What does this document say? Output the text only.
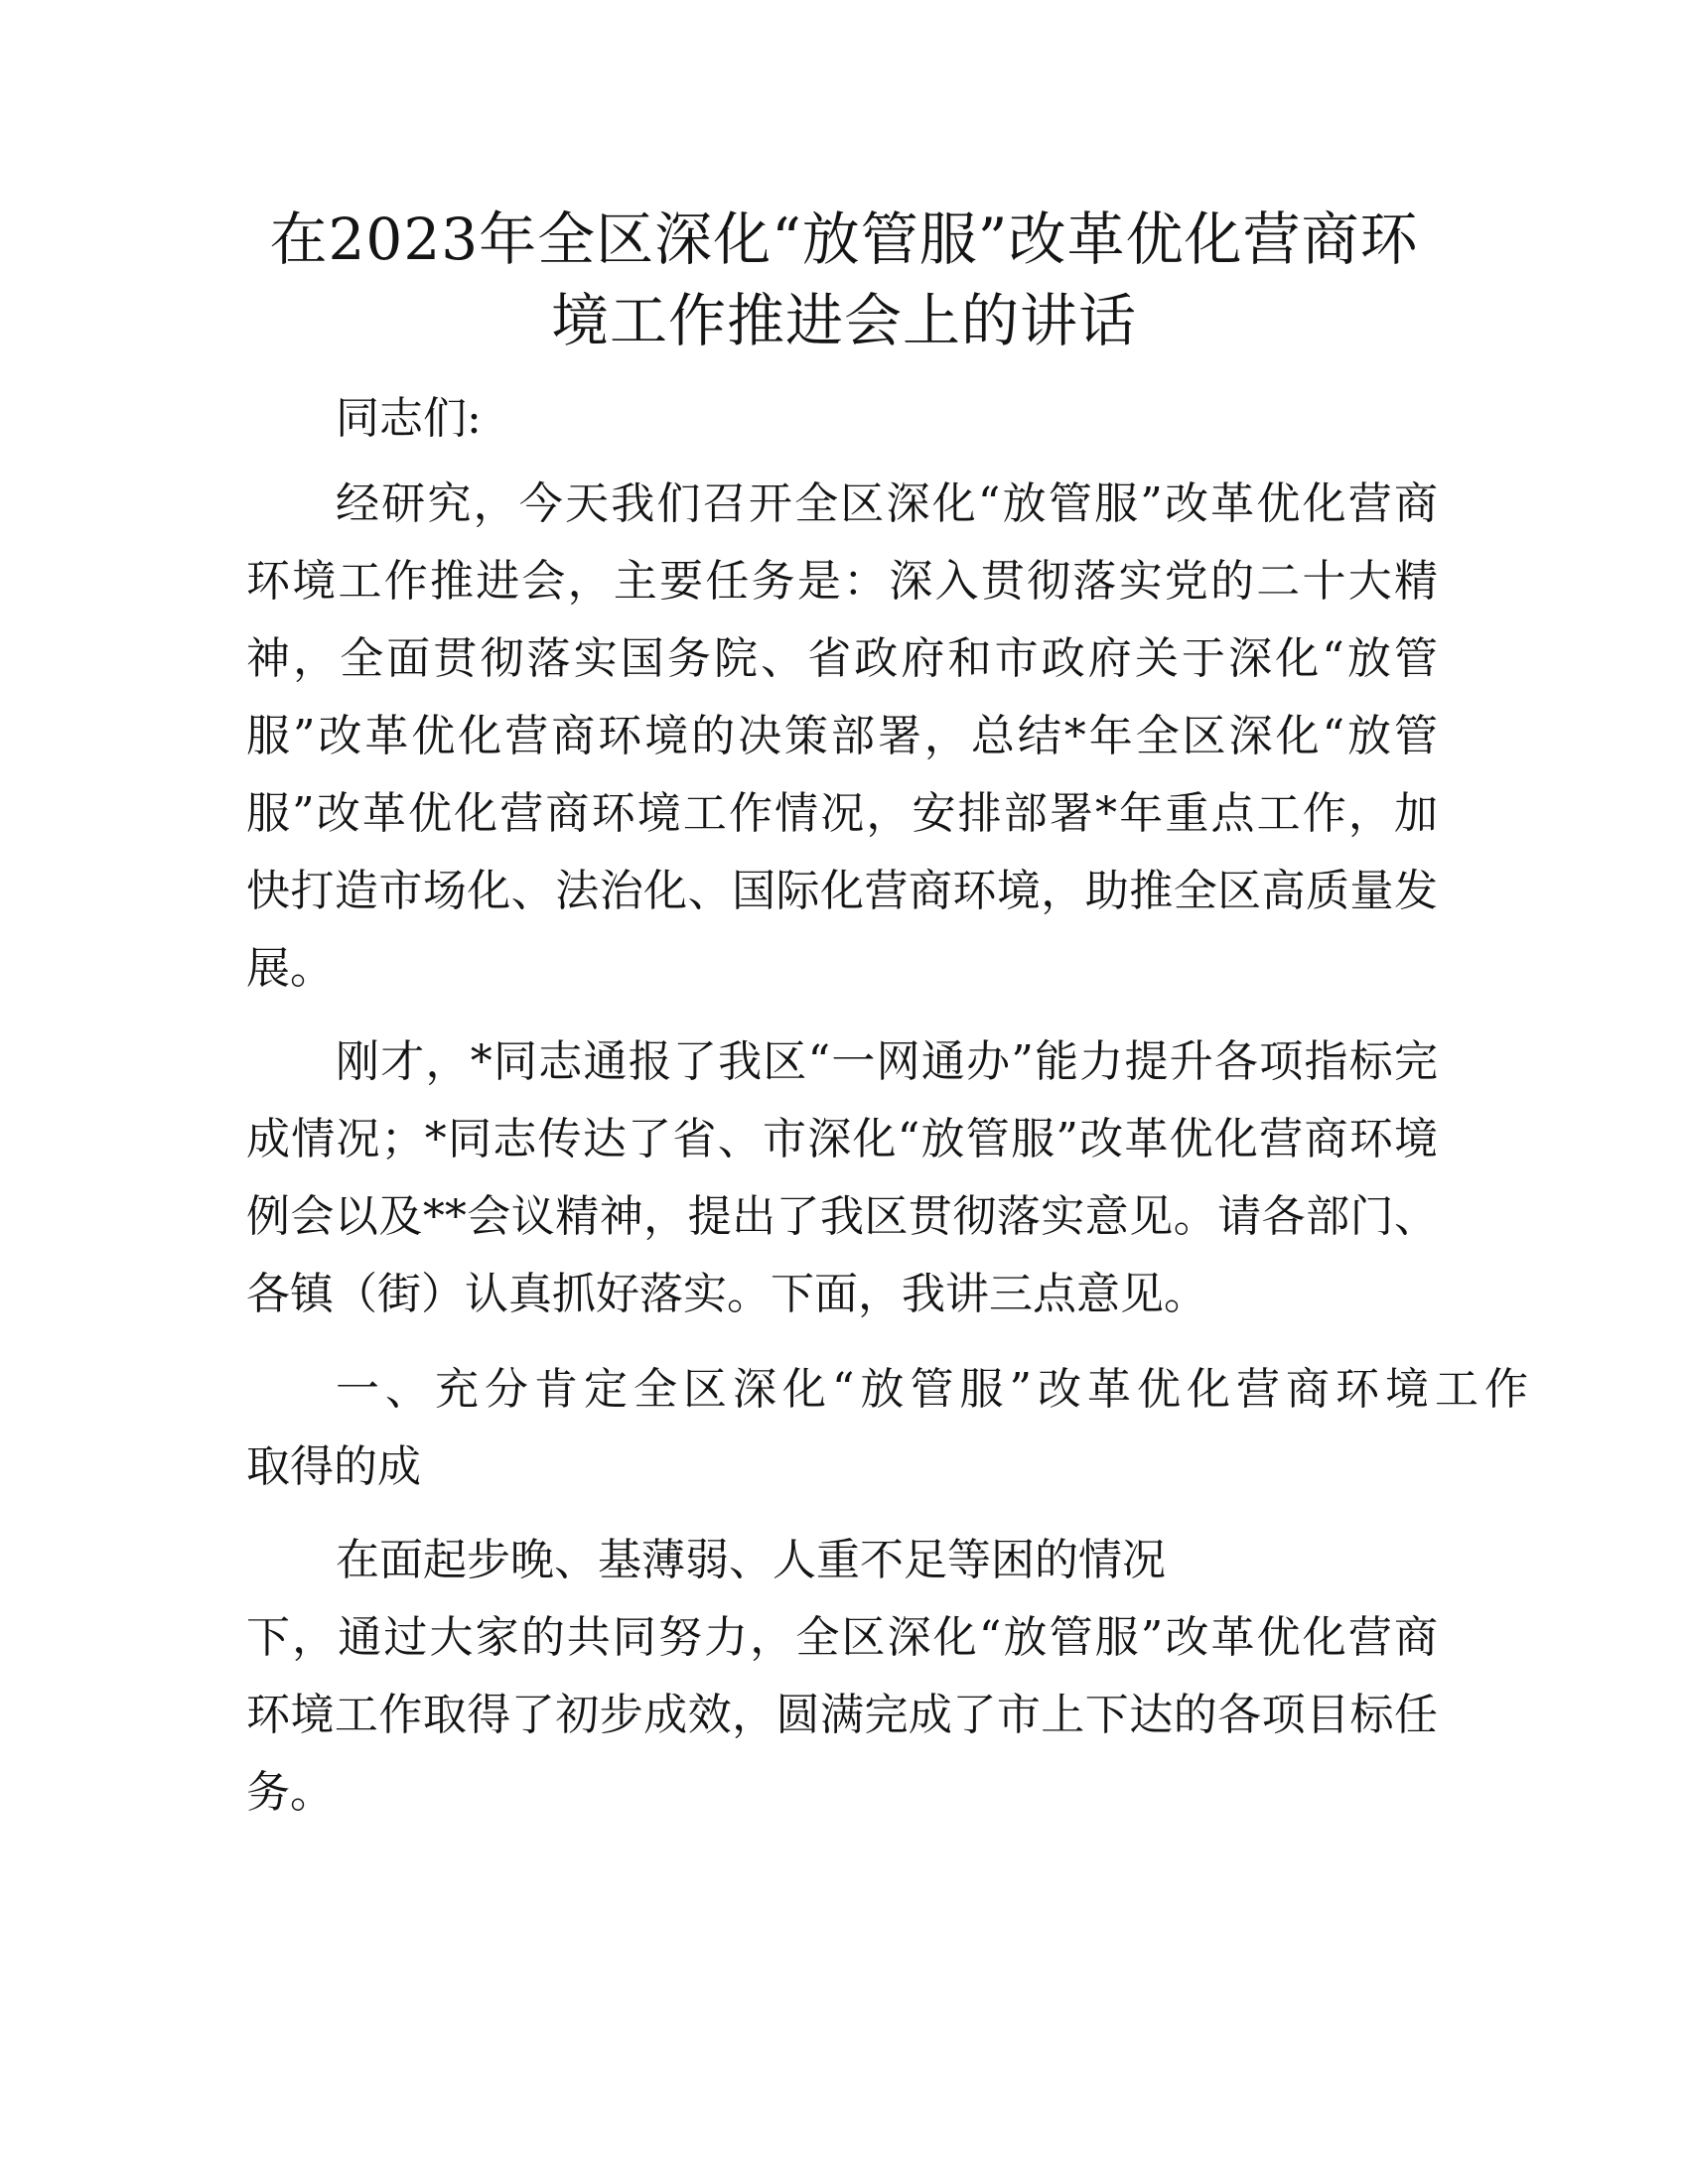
在2023年全区深化“放管服”改革优化营商环
境工作推进会上的讲话
同志们:
经研究，今天我们召开全区深化“放管服”改革优化营商
环境工作推进会，主要任务是：深入贯彻落实党的二十大精
神，全面贯彻落实国务院、省政府和市政府关于深化“放管
服”改革优化营商环境的决策部署，总结*年全区深化“放管
服”改革优化营商环境工作情况，安排部署*年重点工作，加
快打造市场化、法治化、国际化营商环境，助推全区高质量发
展。
刚才，*同志通报了我区“一网通办”能力提升各项指标完
成情况；*同志传达了省、市深化“放管服”改革优化营商环境
例会以及**会议精神，提出了我区贯彻落实意见。请各部门、
各镇（街）认真抓好落实。下面，我讲三点意见。
一、充分肯定全区深化“放管服”改革优化营商环境工作
取得的成
在面起步晚、基薄弱、人重不足等困的情况
下，通过大家的共同努力，全区深化“放管服”改革优化营商
环境工作取得了初步成效，圆满完成了市上下达的各项目标任
务。
